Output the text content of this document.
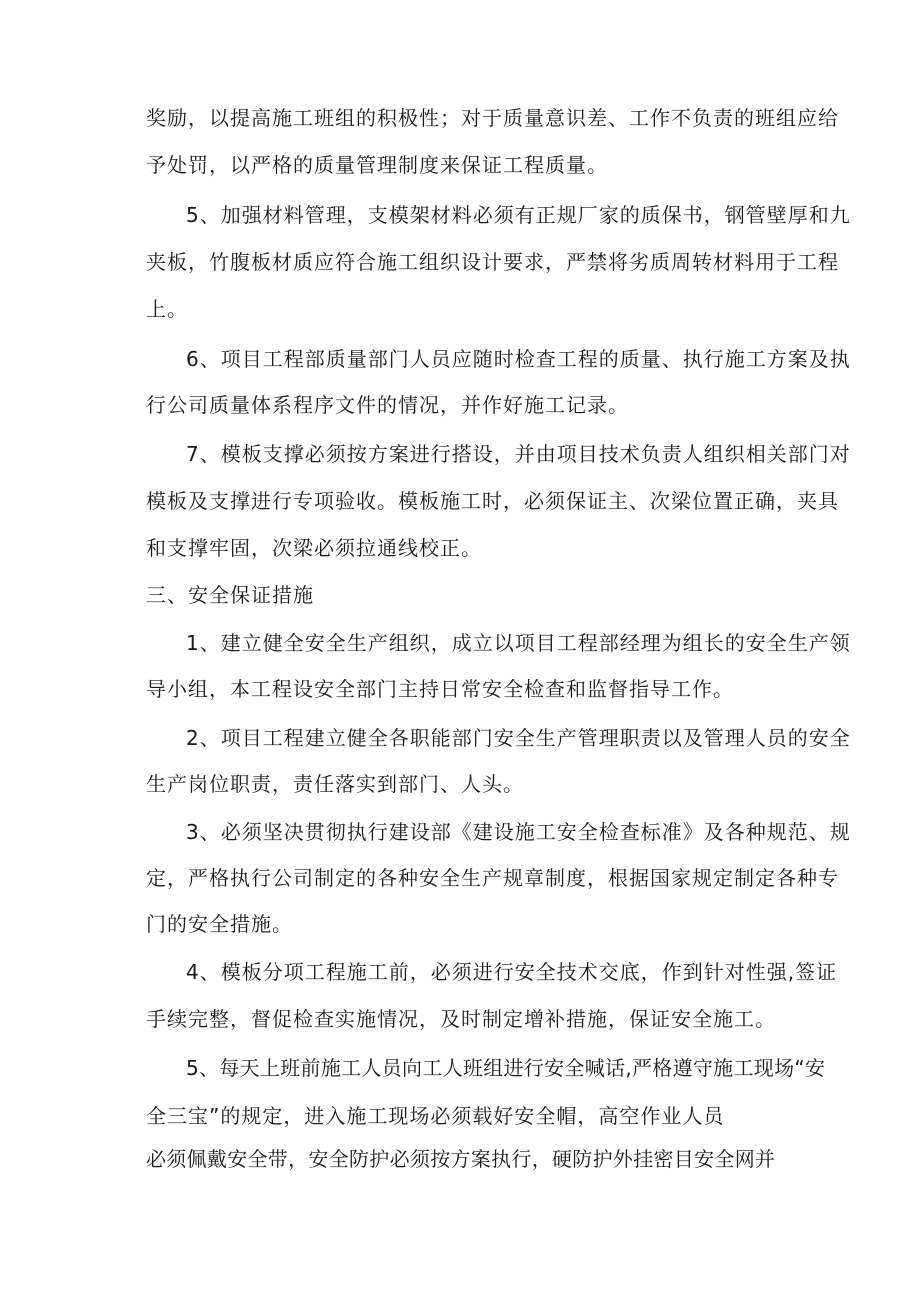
奖励，以提高施工班组的积极性；对于质量意识差、工作不负责的班组应给
予处罚，以严格的质量管理制度来保证工程质量。
5、加强材料管理，支模架材料必须有正规厂家的质保书，钢管壁厚和九
夹板，竹腹板材质应符合施工组织设计要求，严禁将劣质周转材料用于工程
上。
6、项目工程部质量部门人员应随时检查工程的质量、执行施工方案及执
行公司质量体系程序文件的情况，并作好施工记录。
7、模板支撑必须按方案进行搭设，并由项目技术负责人组织相关部门对
模板及支撑进行专项验收。模板施工时，必须保证主、次梁位置正确，夹具
和支撑牢固，次梁必须拉通线校正。
三、安全保证措施
1、建立健全安全生产组织，成立以项目工程部经理为组长的安全生产领
导小组，本工程设安全部门主持日常安全检查和监督指导工作。
2、项目工程建立健全各职能部门安全生产管理职责以及管理人员的安全
生产岗位职责，责任落实到部门、人头。
3、必须坚决贯彻执行建设部《建设施工安全检查标准》及各种规范、规
定，严格执行公司制定的各种安全生产规章制度，根据国家规定制定各种专
门的安全措施。
4、模板分项工程施工前，必须进行安全技术交底，作到针对性强,签证
手续完整，督促检查实施情况，及时制定增补措施，保证安全施工。
5、每天上班前施工人员向工人班组进行安全喊话,严格遵守施工现场“安
全三宝”的规定，进入施工现场必须载好安全帽，高空作业人员
必须佩戴安全带，安全防护必须按方案执行，硬防护外挂密目安全网并
